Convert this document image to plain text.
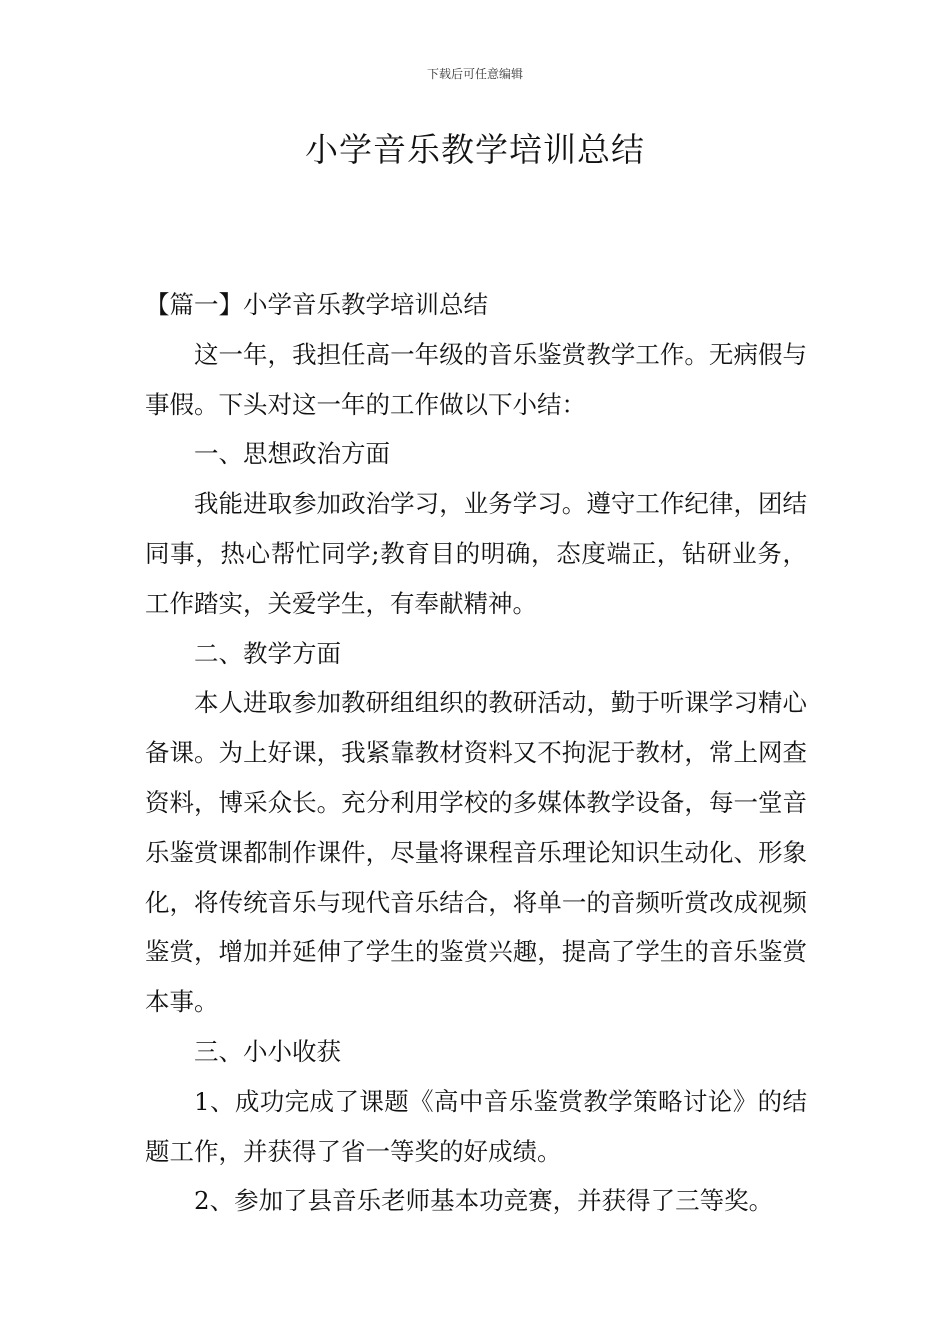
下载后可任意编辑
小学音乐教学培训总结

【篇一】小学音乐教学培训总结

这一年，我担任高一年级的音乐鉴赏教学工作。无病假与事假。下头对这一年的工作做以下小结：

一、思想政治方面

我能进取参加政治学习，业务学习。遵守工作纪律，团结同事，热心帮忙同学;教育目的明确，态度端正，钻研业务，工作踏实，关爱学生，有奉献精神。

二、教学方面

本人进取参加教研组组织的教研活动，勤于听课学习精心备课。为上好课，我紧靠教材资料又不拘泥于教材，常上网查资料，博采众长。充分利用学校的多媒体教学设备，每一堂音乐鉴赏课都制作课件，尽量将课程音乐理论知识生动化、形象化，将传统音乐与现代音乐结合，将单一的音频听赏改成视频鉴赏，增加并延伸了学生的鉴赏兴趣，提高了学生的音乐鉴赏本事。

三、小小收获

1、成功完成了课题《高中音乐鉴赏教学策略讨论》的结题工作，并获得了省一等奖的好成绩。

2、参加了县音乐老师基本功竞赛，并获得了三等奖。
